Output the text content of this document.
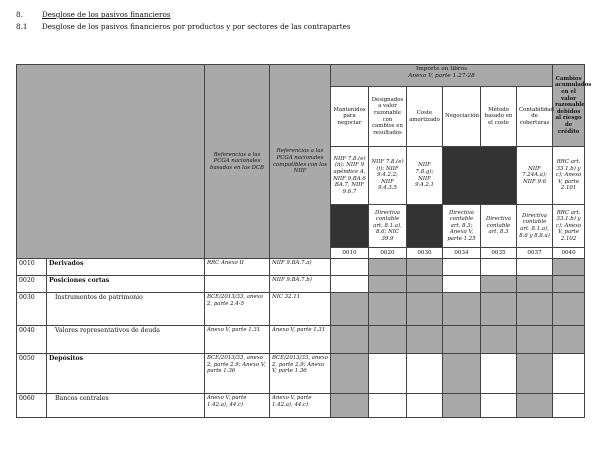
8.	Desglose de los pasivos financieros
8.1 Desglose de los pasivos financieros por productos y por sectores de las contrapartes
		Referencias a las PCGA nacionales basadas en las DCB	Referencias a las PCGA nacionales compatibles con las NIIF	Importe en libros
Anexo V, parte 1.27-28						Cambios acumulados en el valor razonable debidos al riesgo de crédito
				Mantenidos para negociar	Designados a valor razonable con cambios en resultados	Coste amortizado	Negociación	Método basado en el coste	Contabilidad de coberturas	
				NIIF 7.8.(e)(ii); NIIF 9 apéndice A, NIIF 9.BA.6 BA.7, NIIF 9.6.7	NIIF 7.8.(e)(i); NIIF 9.4.2.2; NIIF 9.4.3.5	NIIF 7.8.g); NIIF 9.4.2.1			NIIF 7.24A.a); NIIF 9.6	RRC art. 33.1.b) y c); Anexo V, parte 2.101
					Directiva contable art. 8.1.a), 8.6; NIC 39.9		Directiva contable art. 8.3; Anexo V, parte 1.25	Directiva contable art. 8.3	Directiva contable art. 8.1.a), 8.6 y 8.8.a)	RRC art. 33.1.b) y c); Anexo V, parte 2.102
				0010	0020	0030	0034	0035	0037	0040
0010	Derivados	RRC Anexo II	NIIF 9.BA.7.a)							
0020	Posiciones cortas		NIIF 9.BA.7.b)							
0030	Instrumentos de patrimonio	BCE/2013/33, anexo 2, parte 2.4-5	NIC 32.11							
0040	Valores representativos de deuda	Anexo V, parte 1.31	Anexo V, parte 1.31							
0050	Depósitos	BCE/2013/33, anexo 2, parte 2.9; Anexo V, parte 1.36	BCE/2013/33, anexo 2, parte 2.9; Anexo V, parte 1.36							
0060	Bancos centrales	Anexo V, parte 1.42.a), 44.c)	Anexo V, parte 1.42.a), 44.c)							
